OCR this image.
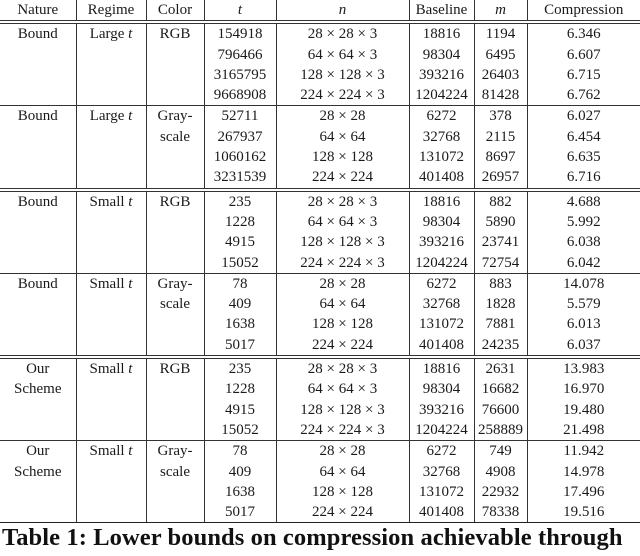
Nature	Regime	Color	t	n	Baseline	m	Compression
Bound	Large t	RGB	154918	28 × 28 × 3	18816	1194	6.346
			796466	64 × 64 × 3	98304	6495	6.607
			3165795	128 × 128 × 3	393216	26403	6.715
			9668908	224 × 224 × 3	1204224	81428	6.762
Bound	Large t	Gray-	52711	28 × 28	6272	378	6.027
		scale	267937	64 × 64	32768	2115	6.454
			1060162	128 × 128	131072	8697	6.635
			3231539	224 × 224	401408	26957	6.716
Bound	Small t	RGB	235	28 × 28 × 3	18816	882	4.688
			1228	64 × 64 × 3	98304	5890	5.992
			4915	128 × 128 × 3	393216	23741	6.038
			15052	224 × 224 × 3	1204224	72754	6.042
Bound	Small t	Gray-	78	28 × 28	6272	883	14.078
		scale	409	64 × 64	32768	1828	5.579
			1638	128 × 128	131072	7881	6.013
			5017	224 × 224	401408	24235	6.037
Our	Small t	RGB	235	28 × 28 × 3	18816	2631	13.983
Scheme			1228	64 × 64 × 3	98304	16682	16.970
			4915	128 × 128 × 3	393216	76600	19.480
			15052	224 × 224 × 3	1204224	258889	21.498
Our	Small t	Gray-	78	28 × 28	6272	749	11.942
Scheme		scale	409	64 × 64	32768	4908	14.978
			1638	128 × 128	131072	22932	17.496
			5017	224 × 224	401408	78338	19.516
Table 1: Lower bounds on compression achievable through
